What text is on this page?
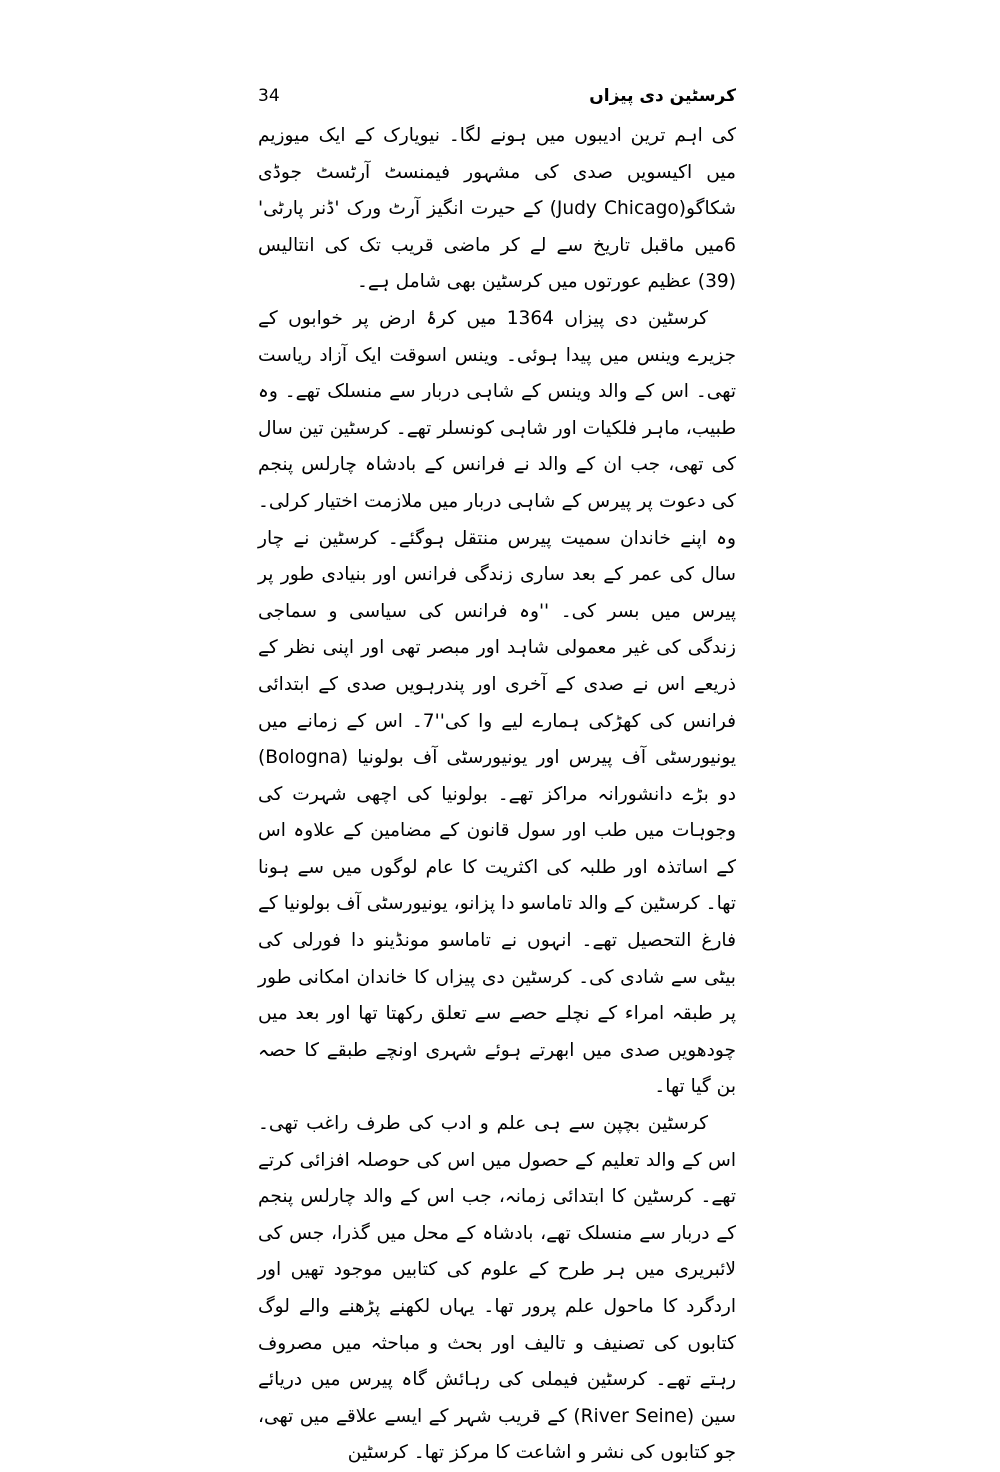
کرسٹین دی پیزاں
34

کی اہم ترین ادیبوں میں ہونے لگا۔ نیویارک کے ایک میوزیم میں اکیسویں صدی کی مشہور فیمنسٹ آرٹسٹ جوڈی شکاگو(Judy Chicago) کے حیرت انگیز آرٹ ورک 'ڈنر پارٹی' 6میں ماقبل تاریخ سے لے کر ماضی قریب تک کی انتالیس (39) عظیم عورتوں میں کرسٹین بھی شامل ہے۔

کرسٹین دی پیزاں 1364 میں کرۂ ارض پر خوابوں کے جزیرے وینس میں پیدا ہوئی۔ وینس اسوقت ایک آزاد ریاست تھی۔ اس کے والد وینس کے شاہی دربار سے منسلک تھے۔ وہ طبیب، ماہر فلکیات اور شاہی کونسلر تھے۔ کرسٹین تین سال کی تھی، جب ان کے والد نے فرانس کے بادشاہ چارلس پنجم کی دعوت پر پیرس کے شاہی دربار میں ملازمت اختیار کرلی۔ وہ اپنے خاندان سمیت پیرس منتقل ہوگئے۔ کرسٹین نے چار سال کی عمر کے بعد ساری زندگی فرانس اور بنیادی طور پر پیرس میں بسر کی۔ ''وہ فرانس کی سیاسی و سماجی زندگی کی غیر معمولی شاہد اور مبصر تھی اور اپنی نظر کے ذریعے اس نے صدی کے آخری اور پندرہویں صدی کے ابتدائی فرانس کی کھڑکی ہمارے لیے وا کی''7۔ اس کے زمانے میں یونیورسٹی آف پیرس اور یونیورسٹی آف بولونیا (Bologna) دو بڑے دانشورانہ مراکز تھے۔ بولونیا کی اچھی شہرت کی وجوہات میں طب اور سول قانون کے مضامین کے علاوہ اس کے اساتذہ اور طلبہ کی اکثریت کا عام لوگوں میں سے ہونا تھا۔ کرسٹین کے والد تاماسو دا پزانو، یونیورسٹی آف بولونیا کے فارغ التحصیل تھے۔ انہوں نے تاماسو مونڈینو دا فورلی کی بیٹی سے شادی کی۔ کرسٹین دی پیزاں کا خاندان امکانی طور پر طبقہ امراء کے نچلے حصے سے تعلق رکھتا تھا اور بعد میں چودھویں صدی میں ابھرتے ہوئے شہری اونچے طبقے کا حصہ بن گیا تھا۔

کرسٹین بچپن سے ہی علم و ادب کی طرف راغب تھی۔ اس کے والد تعلیم کے حصول میں اس کی حوصلہ افزائی کرتے تھے۔ کرسٹین کا ابتدائی زمانہ، جب اس کے والد چارلس پنجم کے دربار سے منسلک تھے، بادشاہ کے محل میں گذرا، جس کی لائبریری میں ہر طرح کے علوم کی کتابیں موجود تھیں اور اردگرد کا ماحول علم پرور تھا۔ یہاں لکھنے پڑھنے والے لوگ کتابوں کی تصنیف و تالیف اور بحث و مباحثہ میں مصروف رہتے تھے۔ کرسٹین فیملی کی رہائش گاہ پیرس میں دریائے سین (River Seine) کے قریب شہر کے ایسے علاقے میں تھی، جو کتابوں کی نشر و اشاعت کا مرکز تھا۔ کرسٹین
